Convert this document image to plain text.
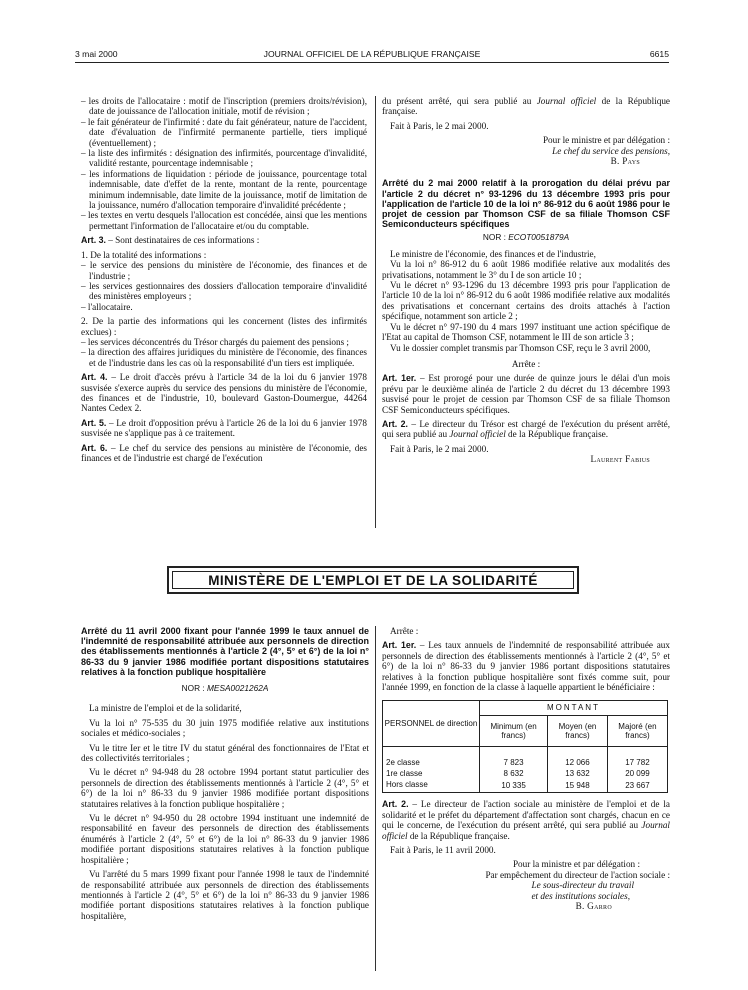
3 mai 2000	JOURNAL OFFICIEL DE LA RÉPUBLIQUE FRANÇAISE	6615

– les droits de l'allocataire : motif de l'inscription (premiers droits/révision), date de jouissance de l'allocation initiale, motif de révision ;

– le fait générateur de l'infirmité : date du fait générateur, nature de l'accident, date d'évaluation de l'infirmité permanente partielle, tiers impliqué (éventuellement) ;

– la liste des infirmités : désignation des infirmités, pourcentage d'invalidité, validité restante, pourcentage indemnisable ;

– les informations de liquidation : période de jouissance, pourcentage total indemnisable, date d'effet de la rente, montant de la rente, pourcentage minimum indemnisable, date limite de la jouissance, motif de limitation de la jouissance, numéro d'allocation temporaire d'invalidité précédente ;

– les textes en vertu desquels l'allocation est concédée, ainsi que les mentions permettant l'information de l'allocataire et/ou du comptable.

Art. 3. – Sont destinataires de ces informations :

1. De la totalité des informations :

– le service des pensions du ministère de l'économie, des finances et de l'industrie ;

– les services gestionnaires des dossiers d'allocation temporaire d'invalidité des ministères employeurs ;

– l'allocataire.

2. De la partie des informations qui les concernent (listes des infirmités exclues) :

– les services déconcentrés du Trésor chargés du paiement des pensions ;

– la direction des affaires juridiques du ministère de l'économie, des finances et de l'industrie dans les cas où la responsabilité d'un tiers est impliquée.

Art. 4. – Le droit d'accès prévu à l'article 34 de la loi du 6 janvier 1978 susvisée s'exerce auprès du service des pensions du ministère de l'économie, des finances et de l'industrie, 10, boulevard Gaston-Doumergue, 44264 Nantes Cedex 2.

Art. 5. – Le droit d'opposition prévu à l'article 26 de la loi du 6 janvier 1978 susvisée ne s'applique pas à ce traitement.

Art. 6. – Le chef du service des pensions au ministère de l'économie, des finances et de l'industrie est chargé de l'exécution

du présent arrêté, qui sera publié au Journal officiel de la République française.

Fait à Paris, le 2 mai 2000.

Pour le ministre et par délégation :

Le chef du service des pensions,

B. Pays

Arrêté du 2 mai 2000 relatif à la prorogation du délai prévu par l'article 2 du décret n° 93-1296 du 13 décembre 1993 pris pour l'application de l'article 10 de la loi n° 86-912 du 6 août 1986 pour le projet de cession par Thomson CSF de sa filiale Thomson CSF Semiconducteurs spécifiques

NOR : ECOT0051879A

Le ministre de l'économie, des finances et de l'industrie,

Vu la loi n° 86-912 du 6 août 1986 modifiée relative aux modalités des privatisations, notamment le 3° du I de son article 10 ;

Vu le décret n° 93-1296 du 13 décembre 1993 pris pour l'application de l'article 10 de la loi n° 86-912 du 6 août 1986 modifiée relative aux modalités des privatisations et concernant certains des droits attachés à l'action spécifique, notamment son article 2 ;

Vu le décret n° 97-190 du 4 mars 1997 instituant une action spécifique de l'Etat au capital de Thomson CSF, notamment le III de son article 3 ;

Vu le dossier complet transmis par Thomson CSF, reçu le 3 avril 2000,

Arrête :

Art. 1er. – Est prorogé pour une durée de quinze jours le délai d'un mois prévu par le deuxième alinéa de l'article 2 du décret du 13 décembre 1993 susvisé pour le projet de cession par Thomson CSF de sa filiale Thomson CSF Semiconducteurs spécifiques.

Art. 2. – Le directeur du Trésor est chargé de l'exécution du présent arrêté, qui sera publié au Journal officiel de la République française.

Fait à Paris, le 2 mai 2000.

Laurent Fabius

MINISTÈRE DE L'EMPLOI ET DE LA SOLIDARITÉ

Arrêté du 11 avril 2000 fixant pour l'année 1999 le taux annuel de l'indemnité de responsabilité attribuée aux personnels de direction des établissements mentionnés à l'article 2 (4°, 5° et 6°) de la loi n° 86-33 du 9 janvier 1986 modifiée portant dispositions statutaires relatives à la fonction publique hospitalière

NOR : MESA0021262A

La ministre de l'emploi et de la solidarité,

Vu la loi n° 75-535 du 30 juin 1975 modifiée relative aux institutions sociales et médico-sociales ;

Vu le titre Ier et le titre IV du statut général des fonctionnaires de l'Etat et des collectivités territoriales ;

Vu le décret n° 94-948 du 28 octobre 1994 portant statut particulier des personnels de direction des établissements mentionnés à l'article 2 (4°, 5° et 6°) de la loi n° 86-33 du 9 janvier 1986 modifiée portant dispositions statutaires relatives à la fonction publique hospitalière ;

Vu le décret n° 94-950 du 28 octobre 1994 instituant une indemnité de responsabilité en faveur des personnels de direction des établissements énumérés à l'article 2 (4°, 5° et 6°) de la loi n° 86-33 du 9 janvier 1986 modifiée portant dispositions statutaires relatives à la fonction publique hospitalière ;

Vu l'arrêté du 5 mars 1999 fixant pour l'année 1998 le taux de l'indemnité de responsabilité attribuée aux personnels de direction des établissements mentionnés à l'article 2 (4°, 5° et 6°) de la loi n° 86-33 du 9 janvier 1986 modifiée portant dispositions statutaires relatives à la fonction publique hospitalière,

Arrête :

Art. 1er. – Les taux annuels de l'indemnité de responsabilité attribuée aux personnels de direction des établissements mentionnés à l'article 2 (4°, 5° et 6°) de la loi n° 86-33 du 9 janvier 1986 portant dispositions statutaires relatives à la fonction publique hospitalière sont fixés comme suit, pour l'année 1999, en fonction de la classe à laquelle appartient le bénéficiaire :

PERSONNEL de direction	MONTANT		
	Minimum (en francs)	Moyen (en francs)	Majoré (en francs)

2e classe	7 823	12 066	17 782
1re classe	8 632	13 632	20 099
Hors classe	10 335	15 948	23 667

Art. 2. – Le directeur de l'action sociale au ministère de l'emploi et de la solidarité et le préfet du département d'affectation sont chargés, chacun en ce qui le concerne, de l'exécution du présent arrêté, qui sera publié au Journal officiel de la République française.

Fait à Paris, le 11 avril 2000.

Pour la ministre et par délégation :

Par empêchement du directeur de l'action sociale :

Le sous-directeur du travail

et des institutions sociales,

B. Garro
